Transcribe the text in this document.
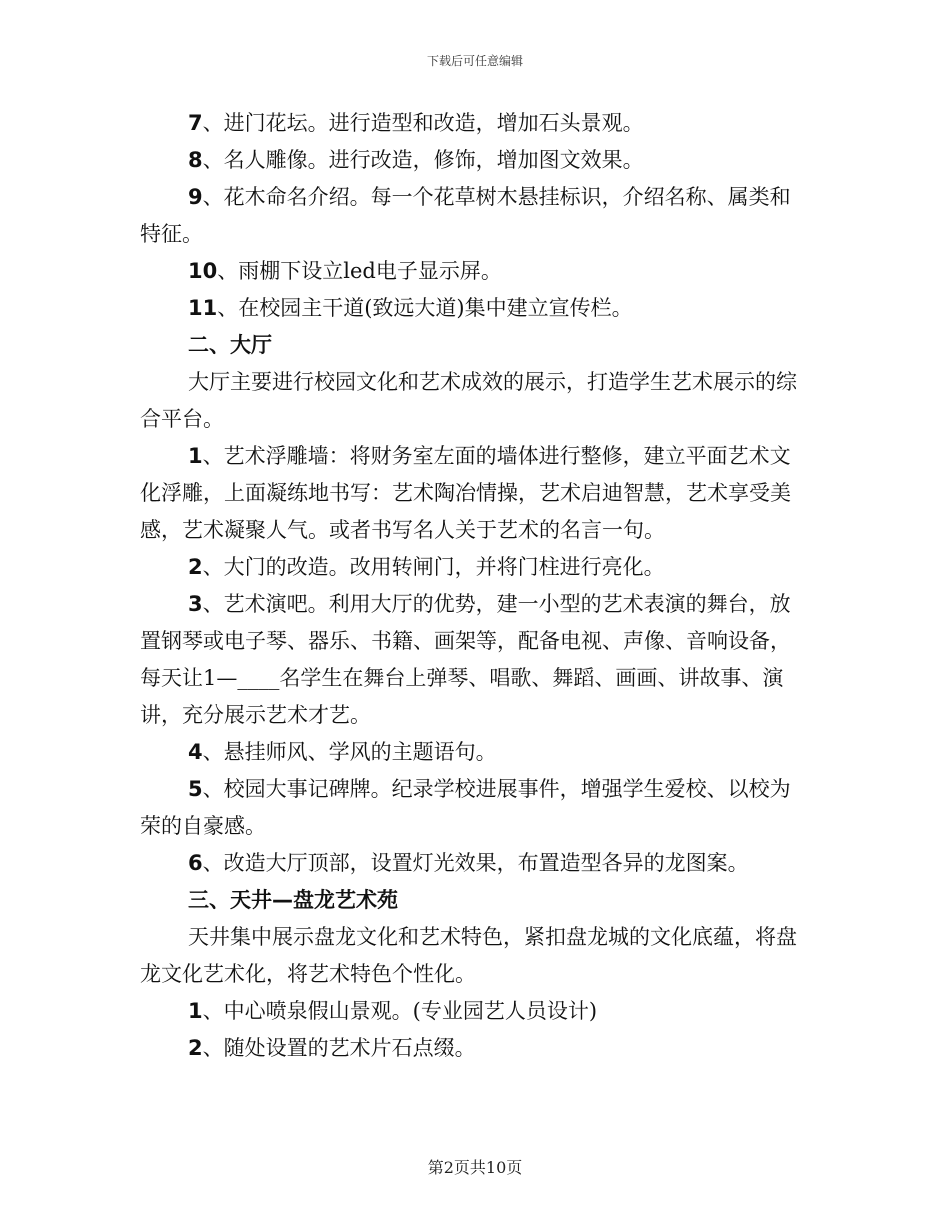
下载后可任意编辑

7、进门花坛。进行造型和改造，增加石头景观。

8、名人雕像。进行改造，修饰，增加图文效果。

9、花木命名介绍。每一个花草树木悬挂标识，介绍名称、属类和特征。

10、雨棚下设立led电子显示屏。

11、在校园主干道(致远大道)集中建立宣传栏。

二、大厅

大厅主要进行校园文化和艺术成效的展示，打造学生艺术展示的综合平台。

1、艺术浮雕墙：将财务室左面的墙体进行整修，建立平面艺术文化浮雕，上面凝练地书写：艺术陶冶情操，艺术启迪智慧，艺术享受美感，艺术凝聚人气。或者书写名人关于艺术的名言一句。

2、大门的改造。改用转闸门，并将门柱进行亮化。

3、艺术演吧。利用大厅的优势，建一小型的艺术表演的舞台，放置钢琴或电子琴、器乐、书籍、画架等，配备电视、声像、音响设备，每天让1—____名学生在舞台上弹琴、唱歌、舞蹈、画画、讲故事、演讲，充分展示艺术才艺。

4、悬挂师风、学风的主题语句。

5、校园大事记碑牌。纪录学校进展事件，增强学生爱校、以校为荣的自豪感。

6、改造大厅顶部，设置灯光效果，布置造型各异的龙图案。

三、天井—盘龙艺术苑

天井集中展示盘龙文化和艺术特色，紧扣盘龙城的文化底蕴，将盘龙文化艺术化，将艺术特色个性化。

1、中心喷泉假山景观。(专业园艺人员设计)

2、随处设置的艺术片石点缀。

第2页共10页
